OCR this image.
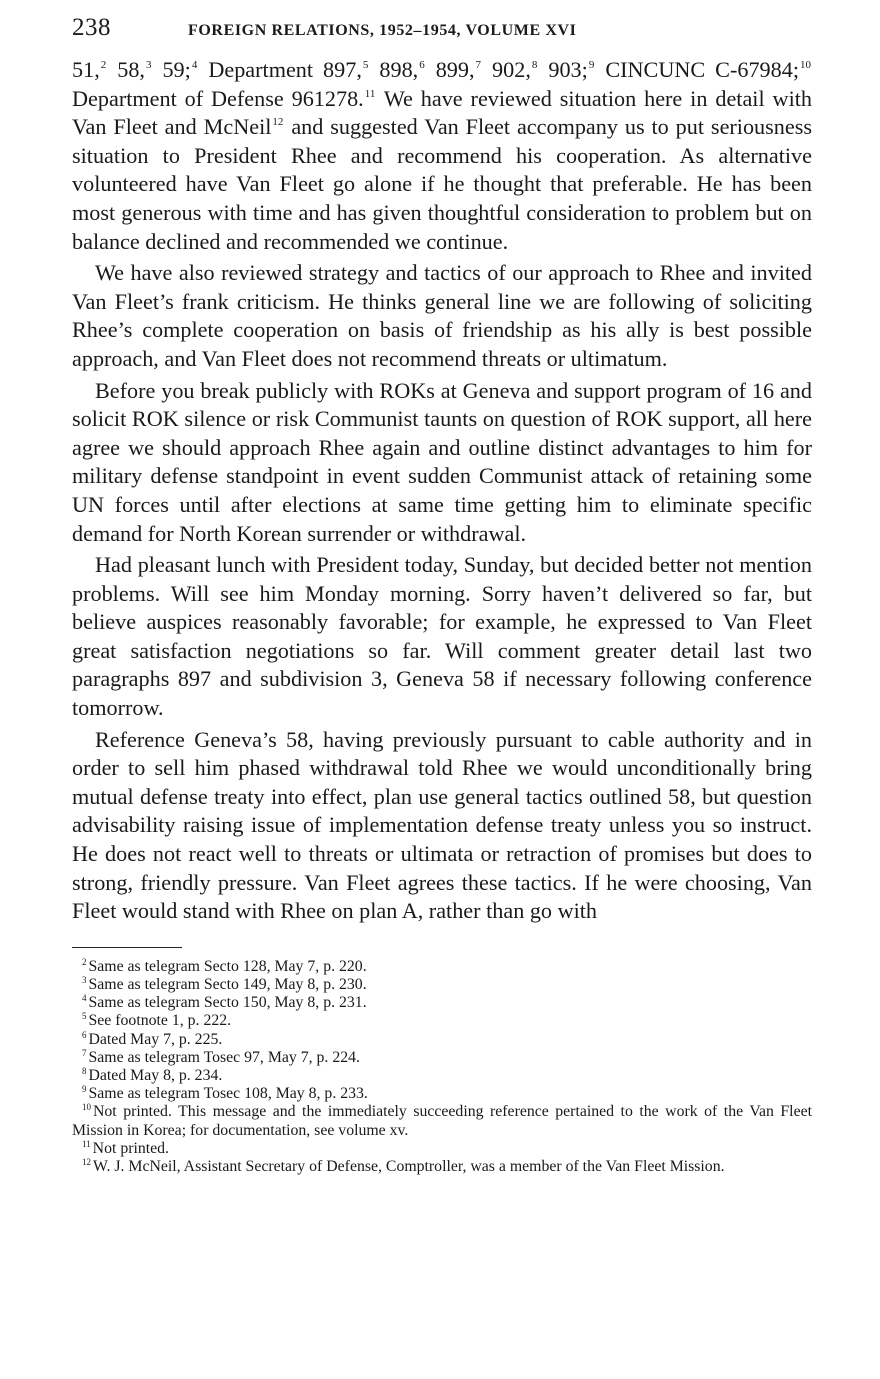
238	FOREIGN RELATIONS, 1952–1954, VOLUME XVI

51,$^2$ 58,$^3$ 59;$^4$ Department 897,$^5$ 898,$^6$ 899,$^7$ 902,$^8$ 903;$^9$ CINCUNC C‑67984;$^{10}$ Department of Defense 961278.11 We have reviewed situation here in detail with Van Fleet and McNeil$^{12}$ and suggested Van Fleet accompany us to put seriousness situation to President Rhee and recommend his cooperation. As alternative volunteered have Van Fleet go alone if he thought that preferable. He has been most generous with time and has given thoughtful consideration to problem but on balance declined and recommended we continue.

We have also reviewed strategy and tactics of our approach to Rhee and invited Van Fleet’s frank criticism. He thinks general line we are following of soliciting Rhee’s complete cooperation on basis of friendship as his ally is best possible approach, and Van Fleet does not recommend threats or ultimatum.

Before you break publicly with ROKs at Geneva and support program of 16 and solicit ROK silence or risk Communist taunts on question of ROK support, all here agree we should approach Rhee again and outline distinct advantages to him for military defense standpoint in event sudden Communist attack of retaining some UN forces until after elections at same time getting him to eliminate specific demand for North Korean surrender or withdrawal.

Had pleasant lunch with President today, Sunday, but decided better not mention problems. Will see him Monday morning. Sorry haven’t delivered so far, but believe auspices reasonably favorable; for example, he expressed to Van Fleet great satisfaction negotiations so far. Will comment greater detail last two paragraphs 897 and subdivision 3, Geneva 58 if necessary following conference tomorrow.

Reference Geneva’s 58, having previously pursuant to cable authority and in order to sell him phased withdrawal told Rhee we would unconditionally bring mutual defense treaty into effect, plan use general tactics outlined 58, but question advisability raising issue of implementation defense treaty unless you so instruct. He does not react well to threats or ultimata or retraction of promises but does to strong, friendly pressure. Van Fleet agrees these tactics. If he were choosing, Van Fleet would stand with Rhee on plan A, rather than go with

$^2$ Same as telegram Secto 128, May 7, p. 220.
$^3$ Same as telegram Secto 149, May 8, p. 230.
$^4$ Same as telegram Secto 150, May 8, p. 231.
$^5$ See footnote 1, p. 222.
$^6$ Dated May 7, p. 225.
$^7$ Same as telegram Tosec 97, May 7, p. 224.
$^8$ Dated May 8, p. 234.
$^9$ Same as telegram Tosec 108, May 8, p. 233.
$^{10}$ Not printed. This message and the immediately succeeding reference pertained to the work of the Van Fleet Mission in Korea; for documentation, see volume xv.
$^{11}$ Not printed.
$^{12}$ W. J. McNeil, Assistant Secretary of Defense, Comptroller, was a member of the Van Fleet Mission.
